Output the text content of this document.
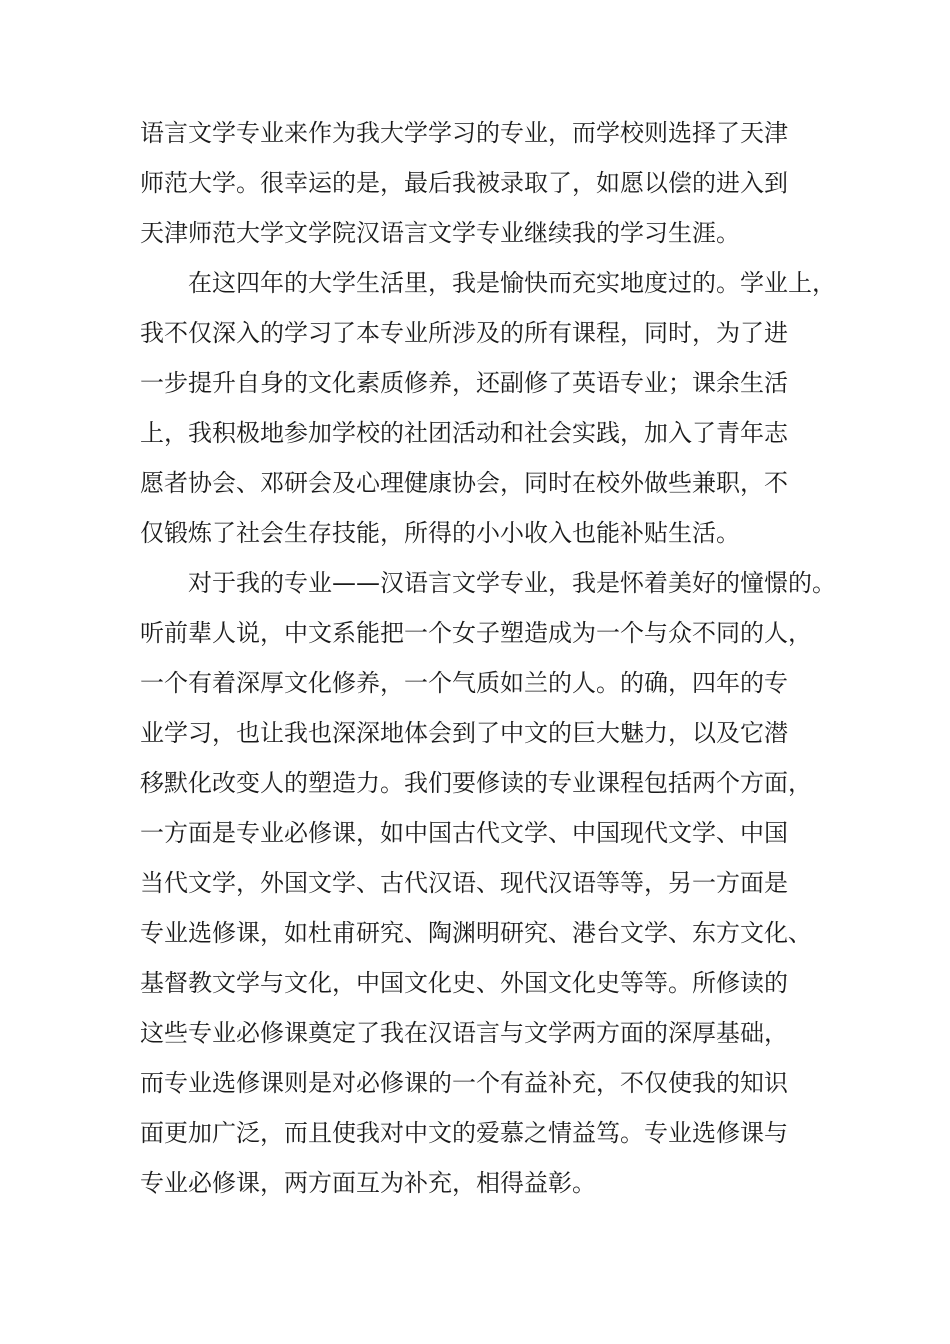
语言文学专业来作为我大学学习的专业，而学校则选择了天津
师范大学。很幸运的是，最后我被录取了，如愿以偿的进入到
天津师范大学文学院汉语言文学专业继续我的学习生涯。
在这四年的大学生活里，我是愉快而充实地度过的。学业上，
我不仅深入的学习了本专业所涉及的所有课程，同时，为了进
一步提升自身的文化素质修养，还副修了英语专业；课余生活
上，我积极地参加学校的社团活动和社会实践，加入了青年志
愿者协会、邓研会及心理健康协会，同时在校外做些兼职，不
仅锻炼了社会生存技能，所得的小小收入也能补贴生活。
对于我的专业——汉语言文学专业，我是怀着美好的憧憬的。
听前辈人说，中文系能把一个女子塑造成为一个与众不同的人，
一个有着深厚文化修养，一个气质如兰的人。的确，四年的专
业学习，也让我也深深地体会到了中文的巨大魅力，以及它潜
移默化改变人的塑造力。我们要修读的专业课程包括两个方面，
一方面是专业必修课，如中国古代文学、中国现代文学、中国
当代文学，外国文学、古代汉语、现代汉语等等，另一方面是
专业选修课，如杜甫研究、陶渊明研究、港台文学、东方文化、
基督教文学与文化，中国文化史、外国文化史等等。所修读的
这些专业必修课奠定了我在汉语言与文学两方面的深厚基础，
而专业选修课则是对必修课的一个有益补充，不仅使我的知识
面更加广泛，而且使我对中文的爱慕之情益笃。专业选修课与
专业必修课，两方面互为补充，相得益彰。
